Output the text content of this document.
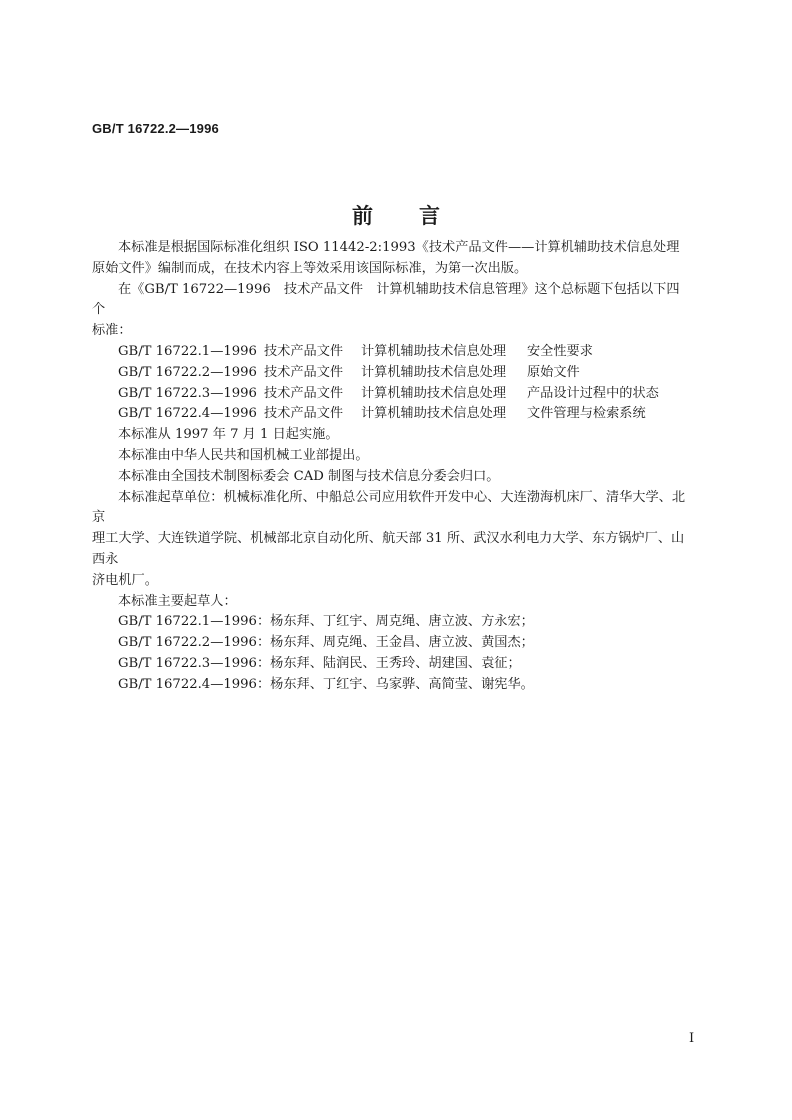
GB/T 16722.2—1996
前言

本标准是根据国际标准化组织 ISO 11442-2:1993《技术产品文件——计算机辅助技术信息处理

原始文件》编制而成，在技术内容上等效采用该国际标准，为第一次出版。

在《GB/T 16722—1996　技术产品文件　计算机辅助技术信息管理》这个总标题下包括以下四个

标准：

GB/T 16722.1—1996 技术产品文件	计算机辅助技术信息处理	安全性要求
GB/T 16722.2—1996 技术产品文件	计算机辅助技术信息处理	原始文件
GB/T 16722.3—1996 技术产品文件	计算机辅助技术信息处理	产品设计过程中的状态
GB/T 16722.4—1996 技术产品文件	计算机辅助技术信息处理	文件管理与检索系统

本标准从 1997 年 7 月 1 日起实施。

本标准由中华人民共和国机械工业部提出。

本标准由全国技术制图标委会 CAD 制图与技术信息分委会归口。

本标准起草单位：机械标准化所、中船总公司应用软件开发中心、大连渤海机床厂、清华大学、北京

理工大学、大连铁道学院、机械部北京自动化所、航天部 31 所、武汉水利电力大学、东方锅炉厂、山西永

济电机厂。

本标准主要起草人：

GB/T 16722.1—1996：杨东拜、丁红宇、周克绳、唐立波、方永宏；
GB/T 16722.2—1996：杨东拜、周克绳、王金昌、唐立波、黄国杰；
GB/T 16722.3—1996：杨东拜、陆润民、王秀玲、胡建国、袁征；
GB/T 16722.4—1996：杨东拜、丁红宇、乌家骅、高简莹、谢宪华。
I
